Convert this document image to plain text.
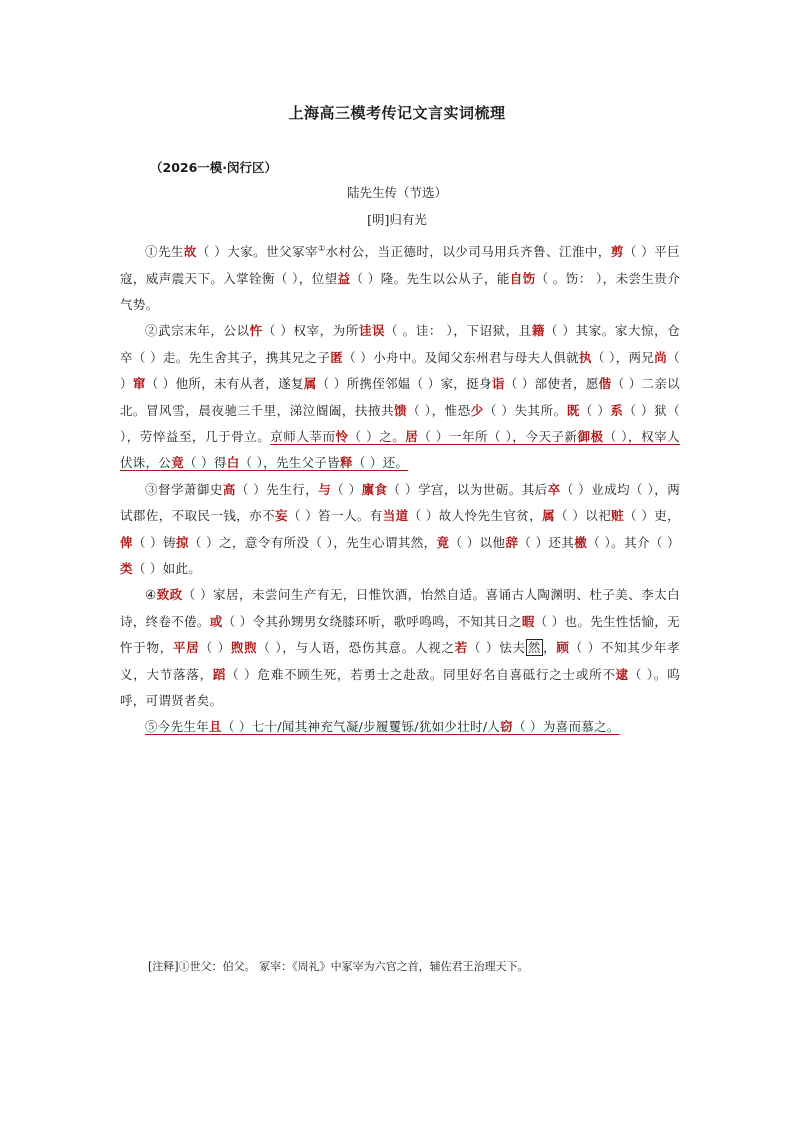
上海高三模考传记文言实词梳理
（2026一模·闵行区）
陆先生传（节选）
[明]归有光

①先生故（ ）大家。世父冢宰①水村公，当正德时，以少司马用兵齐鲁、江淮中，剪（ ）平巨寇，威声震天下。入掌铨衡（ ），位望益（ ）隆。先生以公从子，能自饬（ 。饬： ），未尝生贵介气势。

②武宗末年，公以忤（ ）权宰，为所诖误（ 。诖： ），下诏狱，且籍（ ）其家。家大惊，仓卒（ ）走。先生舍其子，携其兄之子匿（ ）小舟中。及闻父东州君与母夫人俱就执（ ），两兄尚（ ）窜（ ）他所，未有从者，遂复属（ ）所携侄邻媪（ ）家，挺身诣（ ）部使者，愿偕（ ）二亲以北。冒风雪，晨夜驰三千里，涕泣阍阖，扶掖共馈（ ），惟恐少（ ）失其所。既（ ）系（ ）狱（ ），劳悴益至，几于骨立。京师人莘而怜（ ）之。居（ ）一年所（ ），今天子新御极（ ），权宰人伏诛，公竟（ ）得白（ ），先生父子皆释（ ）还。

③督学萧御史高（ ）先生行，与（ ）廪食（ ）学宫，以为世砺。其后卒（ ）业成均（ ），两试郡佐，不取民一钱，亦不妄（ ）笞一人。有当道（ ）故人怜先生官贫，属（ ）以祀赃（ ）吏，俾（ ）铸掠（ ）之，意令有所没（ ），先生心谓其然，竟（ ）以他辞（ ）还其檄（ ）。其介（ ）类（ ）如此。

④致政（ ）家居，未尝问生产有无，日惟饮酒，怡然自适。喜诵古人陶渊明、杜子美、李太白诗，终卷不倦。或（ ）令其孙甥男女绕膝环听，歌呼鸣鸣，不知其日之暇（ ）也。先生性恬愉，无忤于物，平居（ ）煦煦（ ），与人语，恐伤其意。人视之若（ ）怯夫 然 ，顾（ ）不知其少年孝义，大节落落，蹈（ ）危难不顾生死，若勇士之赴敌。同里好名自喜砥行之士或所不逮（ ）。呜呼，可谓贤者矣。

⑤今先生年且（ ）七十/闻其神充气凝/步履矍铄/犹如少壮时/人窃（ ）为喜而慕之。

[注释]①世父：伯父。 冢宰：《周礼》中冢宰为六官之首，辅佐君王治理天下。
